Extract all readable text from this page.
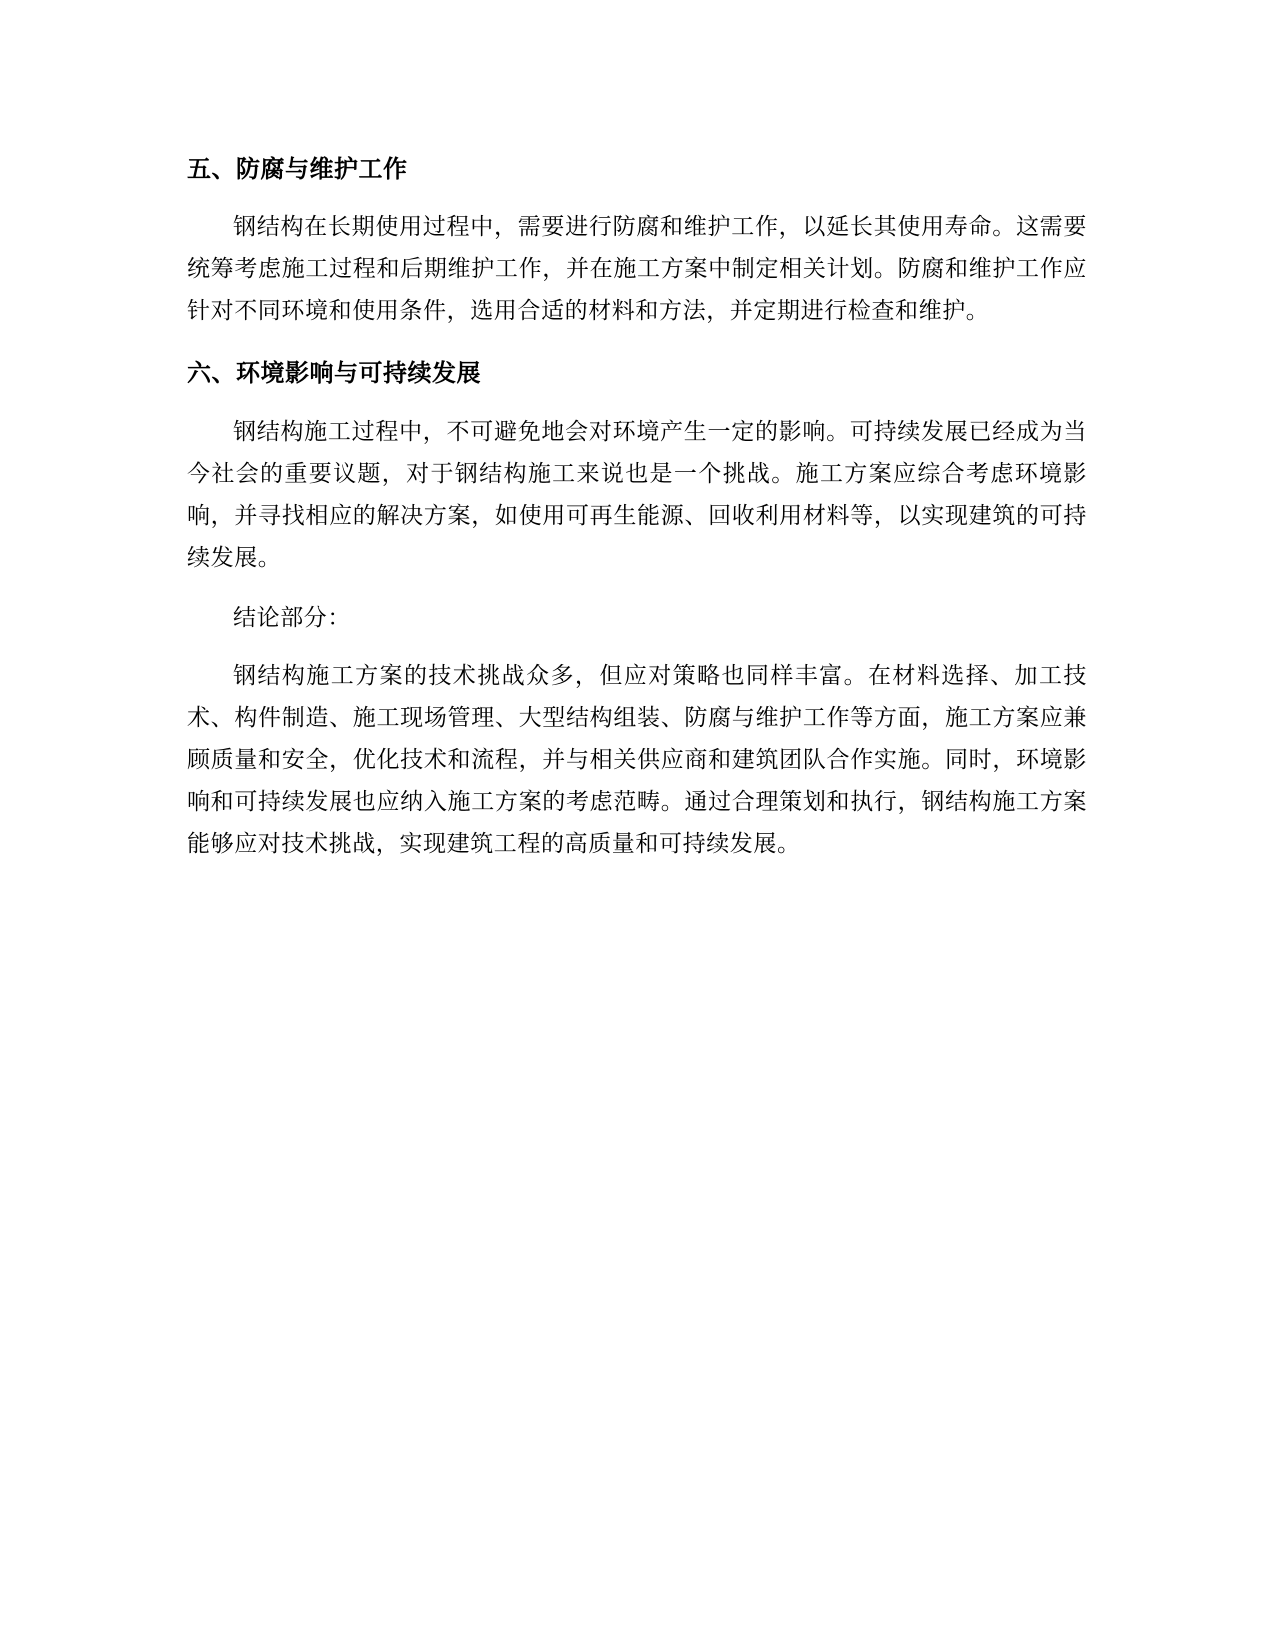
五、防腐与维护工作

钢结构在长期使用过程中，需要进行防腐和维护工作，以延长其使用寿命。这需要统筹考虑施工过程和后期维护工作，并在施工方案中制定相关计划。防腐和维护工作应针对不同环境和使用条件，选用合适的材料和方法，并定期进行检查和维护。

六、环境影响与可持续发展

钢结构施工过程中，不可避免地会对环境产生一定的影响。可持续发展已经成为当今社会的重要议题，对于钢结构施工来说也是一个挑战。施工方案应综合考虑环境影响，并寻找相应的解决方案，如使用可再生能源、回收利用材料等，以实现建筑的可持续发展。

结论部分：

钢结构施工方案的技术挑战众多，但应对策略也同样丰富。在材料选择、加工技术、构件制造、施工现场管理、大型结构组装、防腐与维护工作等方面，施工方案应兼顾质量和安全，优化技术和流程，并与相关供应商和建筑团队合作实施。同时，环境影响和可持续发展也应纳入施工方案的考虑范畴。通过合理策划和执行，钢结构施工方案能够应对技术挑战，实现建筑工程的高质量和可持续发展。
